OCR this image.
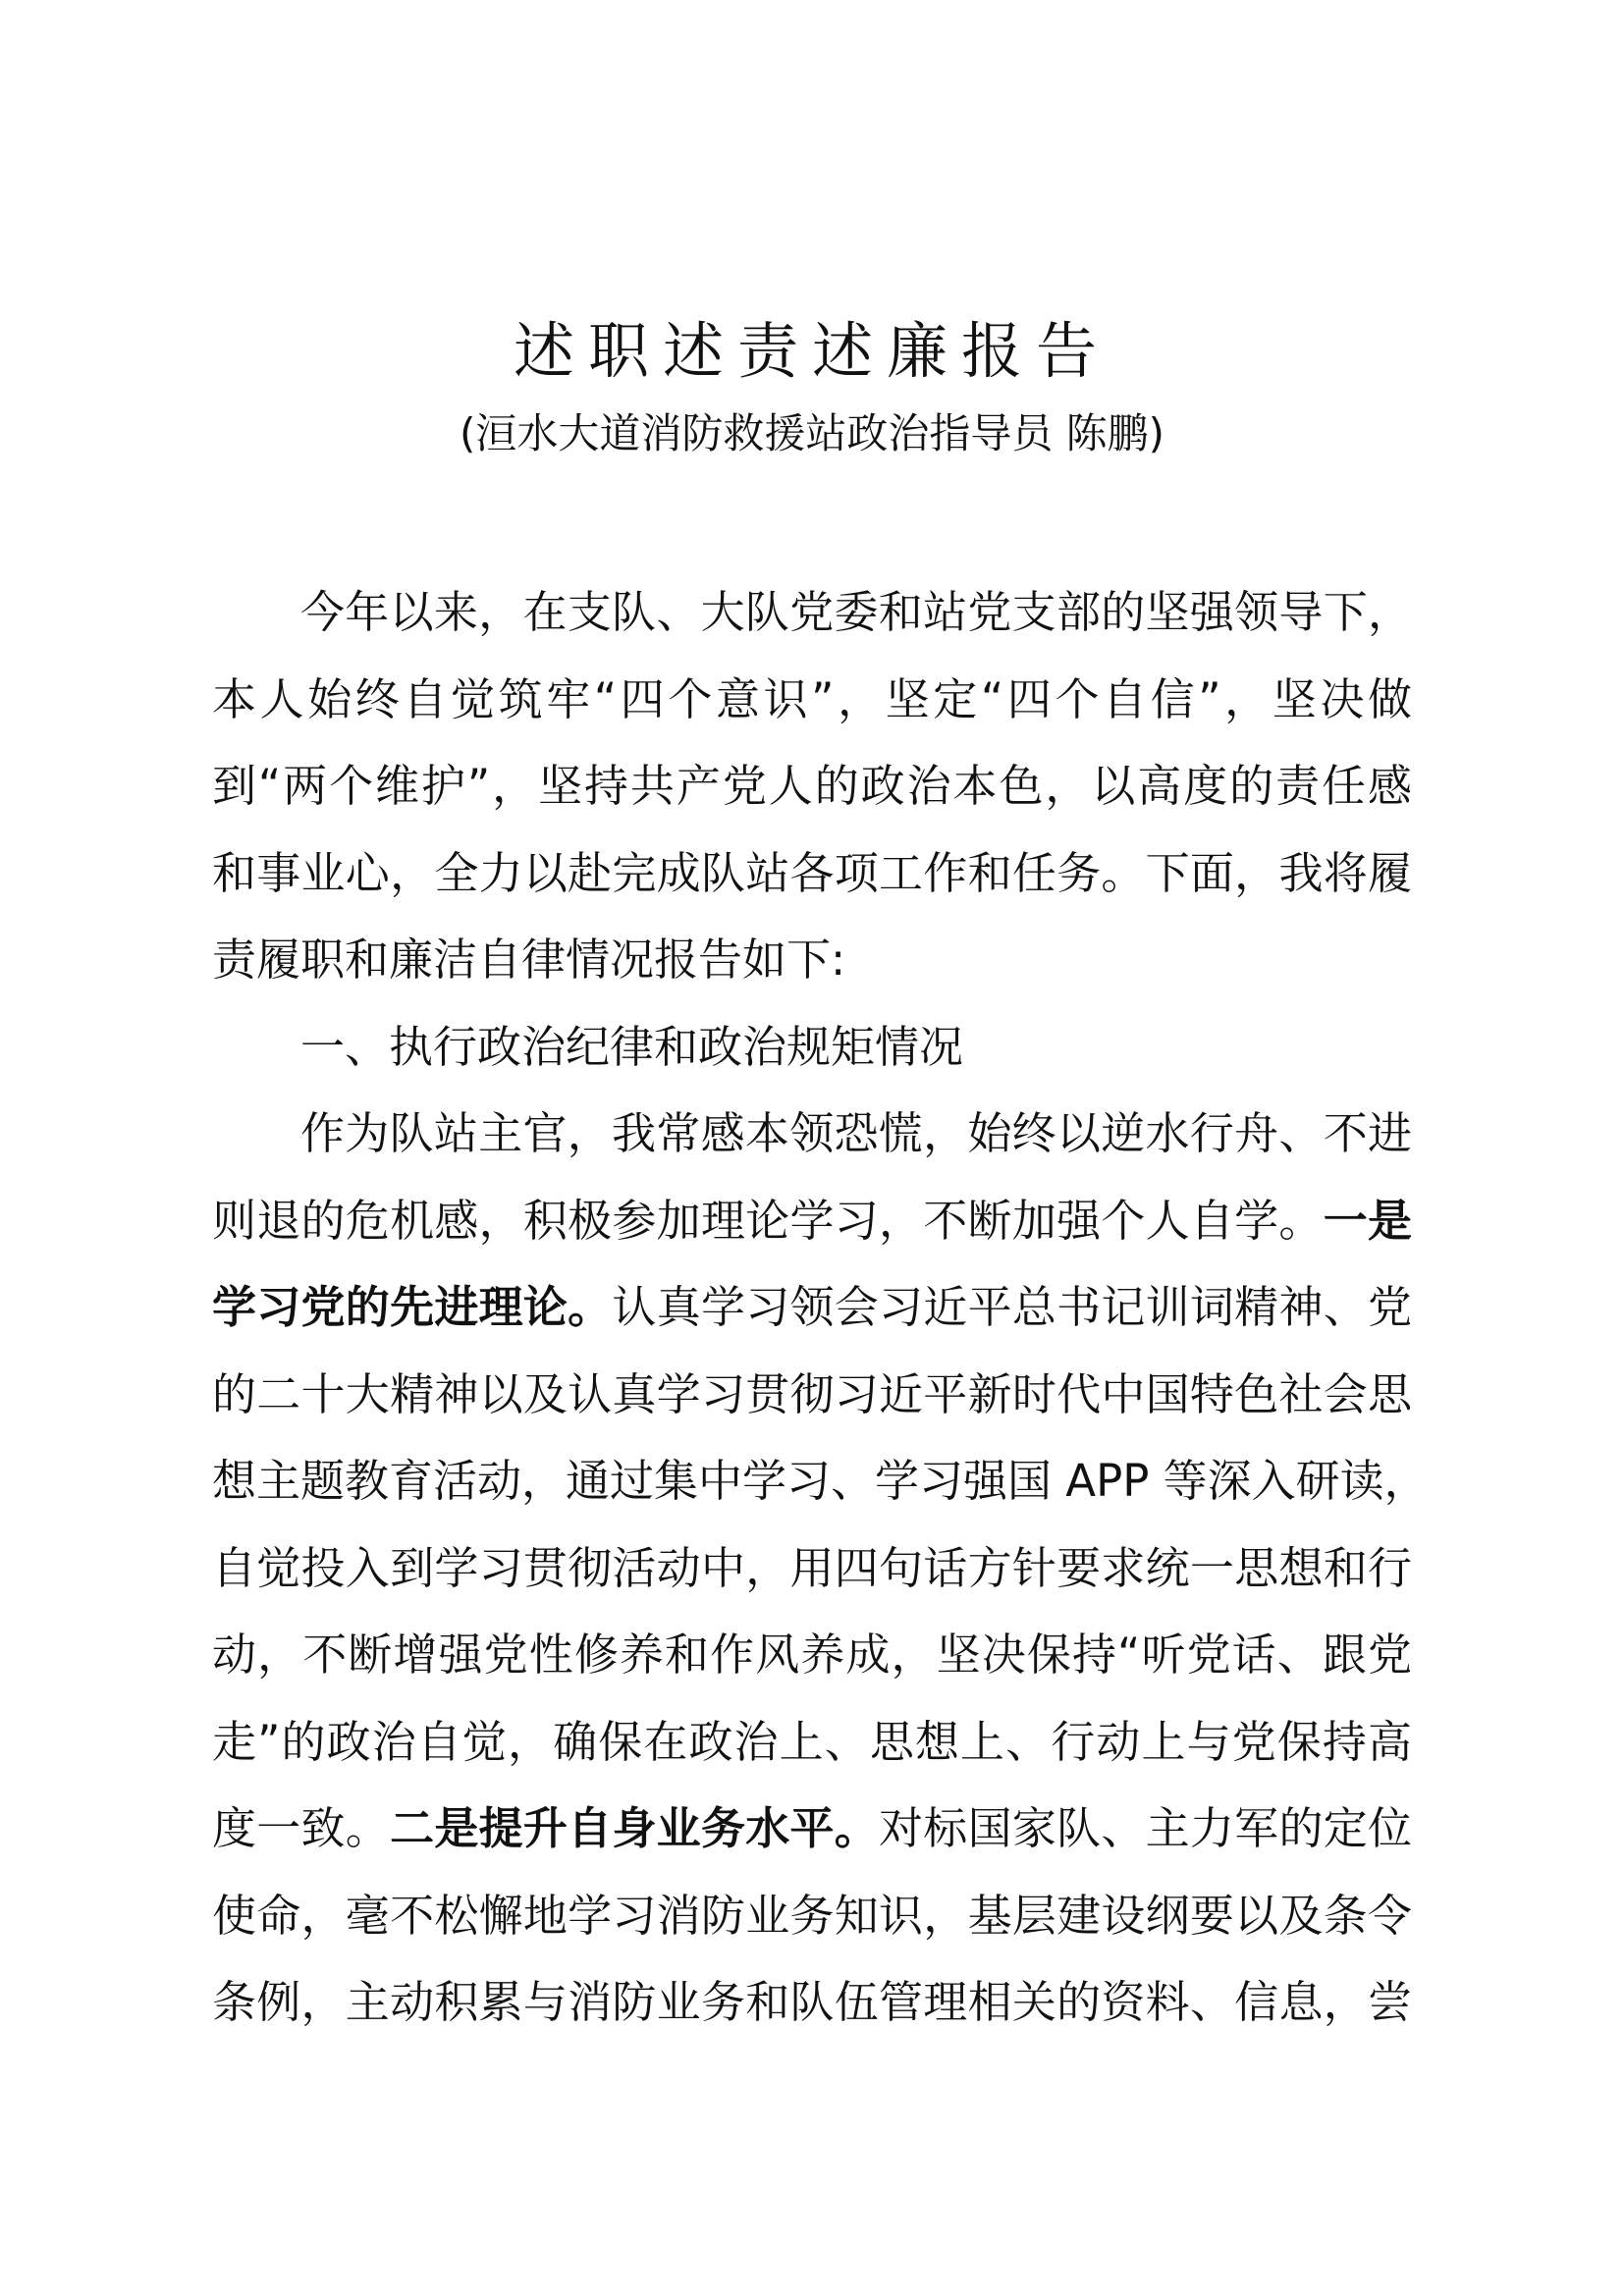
述职述责述廉报告

(洹水大道消防救援站政治指导员 陈鹏)

今年以来，在支队、大队党委和站党支部的坚强领导下，

本人始终自觉筑牢“四个意识”，坚定“四个自信”，坚决做

到“两个维护”，坚持共产党人的政治本色，以高度的责任感

和事业心，全力以赴完成队站各项工作和任务。下面，我将履

责履职和廉洁自律情况报告如下:

一、执行政治纪律和政治规矩情况

作为队站主官，我常感本领恐慌，始终以逆水行舟、不进

则退的危机感，积极参加理论学习，不断加强个人自学。一是

学习党的先进理论。认真学习领会习近平总书记训词精神、党

的二十大精神以及认真学习贯彻习近平新时代中国特色社会思

想主题教育活动，通过集中学习、学习强国 APP 等深入研读，

自觉投入到学习贯彻活动中，用四句话方针要求统一思想和行

动，不断增强党性修养和作风养成，坚决保持“听党话、跟党

走”的政治自觉，确保在政治上、思想上、行动上与党保持高

度一致。二是提升自身业务水平。对标国家队、主力军的定位

使命，毫不松懈地学习消防业务知识，基层建设纲要以及条令

条例，主动积累与消防业务和队伍管理相关的资料、信息，尝
